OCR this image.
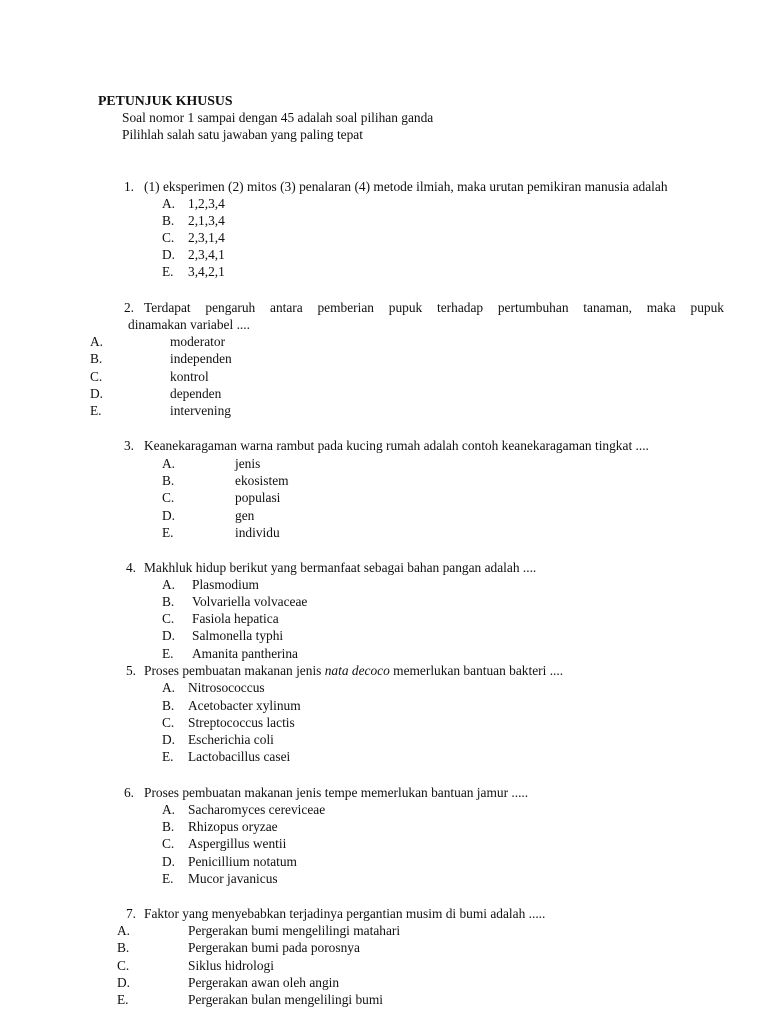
PETUNJUK KHUSUS
Soal nomor 1 sampai dengan 45 adalah soal pilihan ganda
Pilihlah salah satu jawaban yang paling tepat
1. (1) eksperimen (2) mitos (3) penalaran (4) metode ilmiah, maka urutan pemikiran manusia adalah
A. 1,2,3,4
B. 2,1,3,4
C. 2,3,1,4
D. 2,3,4,1
E. 3,4,2,1
2. Terdapat pengaruh antara pemberian pupuk terhadap pertumbuhan tanaman, maka pupuk
dinamakan variabel ....
A.	moderator
B.	independen
C.	kontrol
D.	dependen
E.	intervening
3. Keanekaragaman warna rambut pada kucing rumah adalah contoh keanekaragaman tingkat ....
A.	jenis
B.	ekosistem
C.	populasi
D.	gen
E.	individu
4. Makhluk hidup berikut yang bermanfaat sebagai bahan pangan adalah ....
A. Plasmodium
B. Volvariella volvaceae
C. Fasiola hepatica
D. Salmonella typhi
E. Amanita pantherina
5. Proses pembuatan makanan jenis nata decoco memerlukan bantuan bakteri ....
A. Nitrosococcus
B. Acetobacter xylinum
C. Streptococcus lactis
D. Escherichia coli
E. Lactobacillus casei
6. Proses pembuatan makanan jenis tempe memerlukan bantuan jamur .....
A. Sacharomyces cereviceae
B. Rhizopus oryzae
C. Aspergillus wentii
D. Penicillium notatum
E. Mucor javanicus
7. Faktor yang menyebabkan terjadinya pergantian musim di bumi adalah .....
A.	Pergerakan bumi mengelilingi matahari
B.	Pergerakan bumi pada porosnya
C.	Siklus hidrologi
D.	Pergerakan awan oleh angin
E.	Pergerakan bulan mengelilingi bumi
